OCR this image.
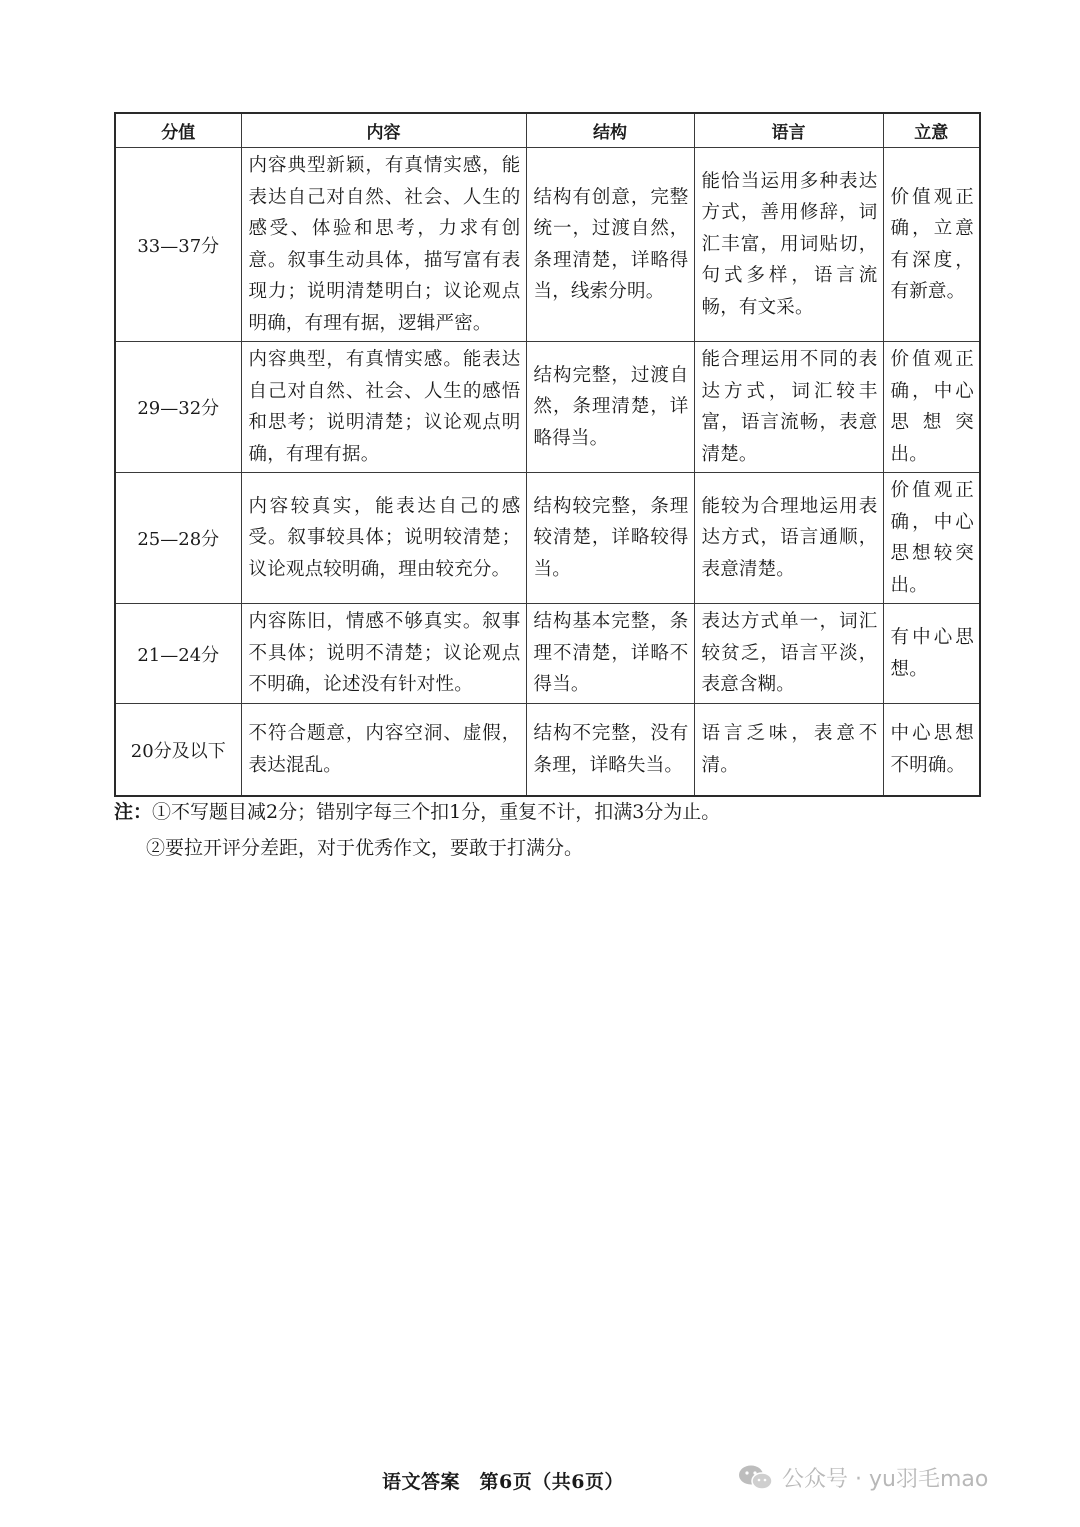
分值	内容	结构	语言	立意
33—37分	内容典型新颖，有真情实感，能表达自己对自然、社会、人生的感受、体验和思考，力求有创意。叙事生动具体，描写富有表现力；说明清楚明白；议论观点明确，有理有据，逻辑严密。	结构有创意，完整统一，过渡自然，条理清楚，详略得当，线索分明。	能恰当运用多种表达方式，善用修辞，词汇丰富，用词贴切，句式多样，语言流畅，有文采。	价值观正确，立意有深度，有新意。
29—32分	内容典型，有真情实感。能表达自己对自然、社会、人生的感悟和思考；说明清楚；议论观点明确，有理有据。	结构完整，过渡自然，条理清楚，详略得当。	能合理运用不同的表达方式，词汇较丰富，语言流畅，表意清楚。	价值观正确，中心思想突出。
25—28分	内容较真实，能表达自己的感受。叙事较具体；说明较清楚；议论观点较明确，理由较充分。	结构较完整，条理较清楚，详略较得当。	能较为合理地运用表达方式，语言通顺，表意清楚。	价值观正确，中心思想较突出。
21—24分	内容陈旧，情感不够真实。叙事不具体；说明不清楚；议论观点不明确，论述没有针对性。	结构基本完整，条理不清楚，详略不得当。	表达方式单一，词汇较贫乏，语言平淡，表意含糊。	有中心思想。
20分及以下	不符合题意，内容空洞、虚假，表达混乱。	结构不完整，没有条理，详略失当。	语言乏味，表意不清。	中心思想不明确。
注：①不写题目减2分；错别字每三个扣1分，重复不计，扣满3分为止。
②要拉开评分差距，对于优秀作文，要敢于打满分。
语文答案　第6页（共6页）	公众号 · yu羽毛mao
